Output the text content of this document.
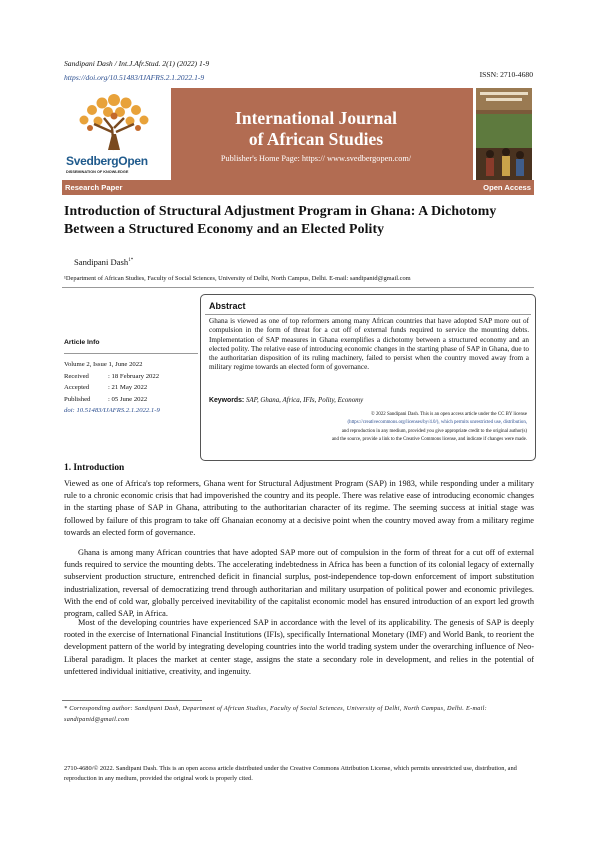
Sandipani Dash / Int.J.Afr.Stud. 2(1) (2022) 1-9
https://doi.org/10.51483/IJAFRS.2.1.2022.1-9	ISSN: 2710-4680
SvedbergOpen
DISSEMINATION OF KNOWLEDGE
International Journal
of African Studies
Publisher's Home Page: https:// www.svedbergopen.com/
Research Paper	Open Access
Introduction of Structural Adjustment Program in Ghana: A Dichotomy Between a Structured Economy and an Elected Polity
Sandipani Dash$^{1*}$
¹Department of African Studies, Faculty of Social Sciences, University of Delhi, North Campus, Delhi. E-mail: sandipanid@gmail.com
Article Info
Volume 2, Issue 1, June 2022
Received	: 18 February 2022
Accepted	: 21 May 2022
Published	: 05 June 2022
doi: 10.51483/IJAFRS.2.1.2022.1-9
Abstract
Ghana is viewed as one of top reformers among many African countries that have adopted SAP more out of compulsion in the form of threat for a cut off of external funds required to service the mounting debts. Implementation of SAP measures in Ghana exemplifies a dichotomy between a structured economy and an elected polity. The relative ease of introducing economic changes in the starting phase of SAP in Ghana, due to the authoritarian disposition of its ruling machinery, failed to persist when the country moved away from a military regime towards an elected form of governance.
Keywords: SAP, Ghana, Africa, IFIs, Polity, Economy
© 2022 Sandipani Dash. This is an open access article under the CC BY license
(https://creativecommons.org/licenses/by/4.0/), which permits unrestricted use, distribution,
and reproduction in any medium, provided you give appropriate credit to the original author(s)
and the source, provide a link to the Creative Commons license, and indicate if changes were made.
1. Introduction
Viewed as one of Africa's top reformers, Ghana went for Structural Adjustment Program (SAP) in 1983, while responding under a military rule to a chronic economic crisis that had impoverished the country and its people. There was relative ease of introducing economic changes in the starting phase of SAP in Ghana, attributing to the authoritarian character of its regime. The seeming success at initial stage was followed by failure of this program to take off Ghanaian economy at a decisive point when the country moved away from a military regime towards an elected form of governance.
Ghana is among many African countries that have adopted SAP more out of compulsion in the form of threat for a cut off of external funds required to service the mounting debts. The accelerating indebtedness in Africa has been a function of its colonial legacy of externally subservient production structure, entrenched deficit in financial surplus, post-independence top-down enforcement of import substitution industrialization, reversal of democratizing trend through authoritarian and military usurpation of political power and economic privileges. With the end of cold war, globally perceived inevitability of the capitalist economic model has ensured introduction of an export led growth program, called SAP, in Africa.
Most of the developing countries have experienced SAP in accordance with the level of its applicability. The genesis of SAP is deeply rooted in the exercise of International Financial Institutions (IFIs), specifically International Monetary (IMF) and World Bank, to reorient the development pattern of the world by integrating developing countries into the world trading system under the overarching influence of Neo-Liberal paradigm. It places the market at center stage, assigns the state a secondary role in development, and relies in the potential of unfettered individual initiative, creativity, and ingenuity.
* Corresponding author: Sandipani Dash, Department of African Studies, Faculty of Social Sciences, University of Delhi, North Campus, Delhi. E-mail: sandipanid@gmail.com
2710-4680/© 2022. Sandipani Dash. This is an open access article distributed under the Creative Commons Attribution License, which permits unrestricted use, distribution, and reproduction in any medium, provided the original work is properly cited.
